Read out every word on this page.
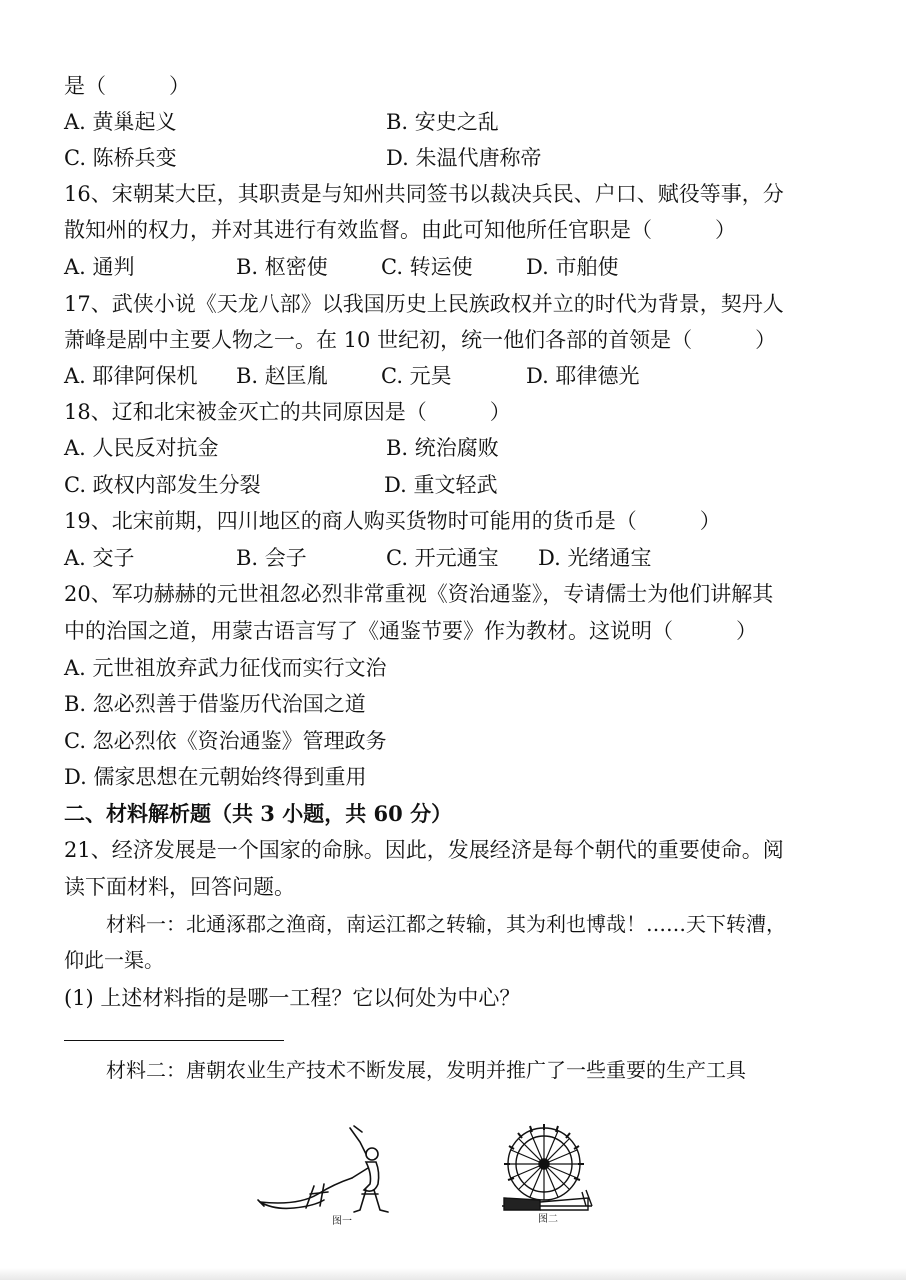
是（　　　）
A. 黄巢起义	B. 安史之乱
C. 陈桥兵变	D. 朱温代唐称帝
16、宋朝某大臣，其职责是与知州共同签书以裁决兵民、户口、赋役等事，分
散知州的权力，并对其进行有效监督。由此可知他所任官职是（　　　）
A. 通判	B. 枢密使	C. 转运使	D. 市舶使
17、武侠小说《天龙八部》以我国历史上民族政权并立的时代为背景，契丹人
萧峰是剧中主要人物之一。在 10 世纪初，统一他们各部的首领是（　　　）
A. 耶律阿保机 B. 赵匡胤	C. 元昊	D. 耶律德光
18、辽和北宋被金灭亡的共同原因是（　　　）
A. 人民反对抗金	B. 统治腐败
C. 政权内部发生分裂	D. 重文轻武
19、北宋前期，四川地区的商人购买货物时可能用的货币是（　　　）
A. 交子	B. 会子	C. 开元通宝 D. 光绪通宝
20、军功赫赫的元世祖忽必烈非常重视《资治通鉴》，专请儒士为他们讲解其
中的治国之道，用蒙古语言写了《通鉴节要》作为教材。这说明（　　　）
A. 元世祖放弃武力征伐而实行文治
B. 忽必烈善于借鉴历代治国之道
C. 忽必烈依《资治通鉴》管理政务
D. 儒家思想在元朝始终得到重用
二、材料解析题（共 3 小题，共 60 分）
21、经济发展是一个国家的命脉。因此，发展经济是每个朝代的重要使命。阅
读下面材料，回答问题。
材料一：北通涿郡之渔商，南运江都之转输，其为利也博哉！……天下转漕，
仰此一渠。
(1) 上述材料指的是哪一工程？它以何处为中心？
材料二：唐朝农业生产技术不断发展，发明并推广了一些重要的生产工具
图一	图二
